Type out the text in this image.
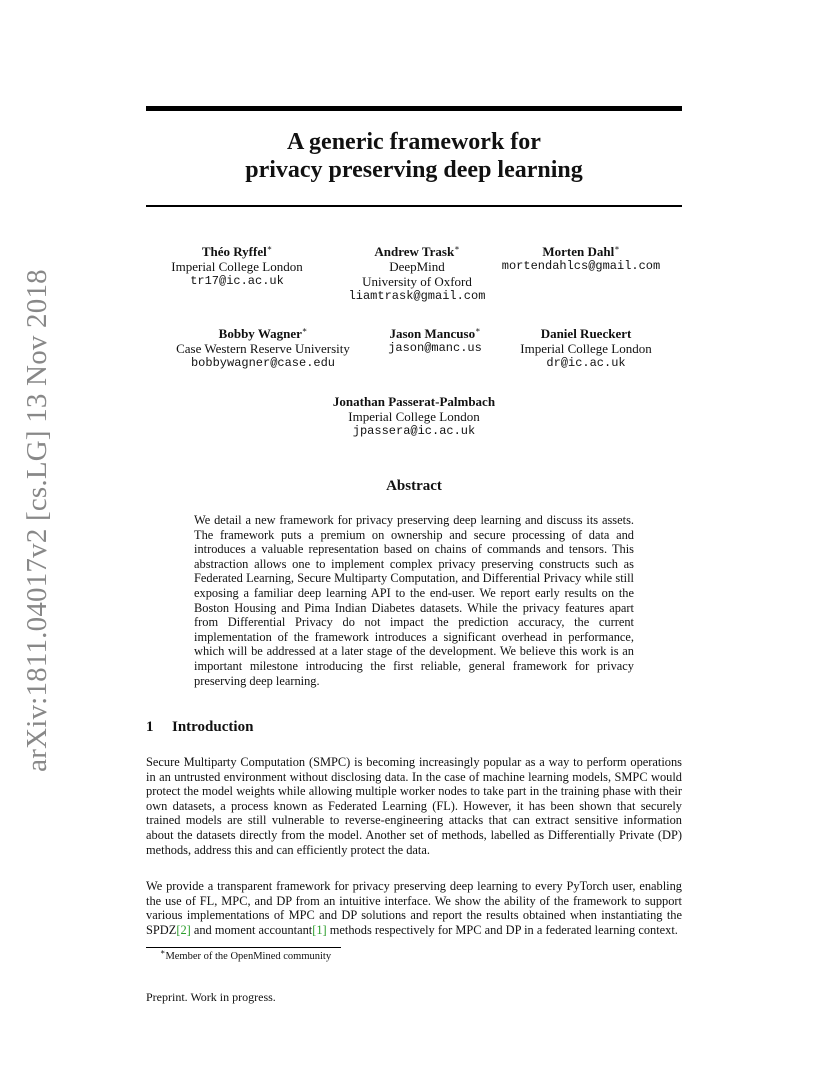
arXiv:1811.04017v2 [cs.LG] 13 Nov 2018
A generic framework for
privacy preserving deep learning
Théo Ryffel∗
Imperial College London
tr17@ic.ac.uk
Andrew Trask∗
DeepMind
University of Oxford
liamtrask@gmail.com
Morten Dahl∗
mortendahlcs@gmail.com
Bobby Wagner∗
Case Western Reserve University
bobbywagner@case.edu
Jason Mancuso∗
jason@manc.us
Daniel Rueckert
Imperial College London
dr@ic.ac.uk
Jonathan Passerat-Palmbach
Imperial College London
jpassera@ic.ac.uk
Abstract
We detail a new framework for privacy preserving deep learning and discuss its assets. The framework puts a premium on ownership and secure processing of data and introduces a valuable representation based on chains of commands and tensors. This abstraction allows one to implement complex privacy preserving constructs such as Federated Learning, Secure Multiparty Computation, and Differential Privacy while still exposing a familiar deep learning API to the end-user. We report early results on the Boston Housing and Pima Indian Diabetes datasets. While the privacy features apart from Differential Privacy do not impact the prediction accuracy, the current implementation of the framework introduces a significant overhead in performance, which will be addressed at a later stage of the development. We believe this work is an important milestone introducing the first reliable, general framework for privacy preserving deep learning.
1 Introduction
Secure Multiparty Computation (SMPC) is becoming increasingly popular as a way to perform operations in an untrusted environment without disclosing data. In the case of machine learning models, SMPC would protect the model weights while allowing multiple worker nodes to take part in the training phase with their own datasets, a process known as Federated Learning (FL). However, it has been shown that securely trained models are still vulnerable to reverse-engineering attacks that can extract sensitive information about the datasets directly from the model. Another set of methods, labelled as Differentially Private (DP) methods, address this and can efficiently protect the data.
We provide a transparent framework for privacy preserving deep learning to every PyTorch user, enabling the use of FL, MPC, and DP from an intuitive interface. We show the ability of the framework to support various implementations of MPC and DP solutions and report the results obtained when instantiating the SPDZ[2] and moment accountant[1] methods respectively for MPC and DP in a federated learning context.
∗Member of the OpenMined community
Preprint. Work in progress.
